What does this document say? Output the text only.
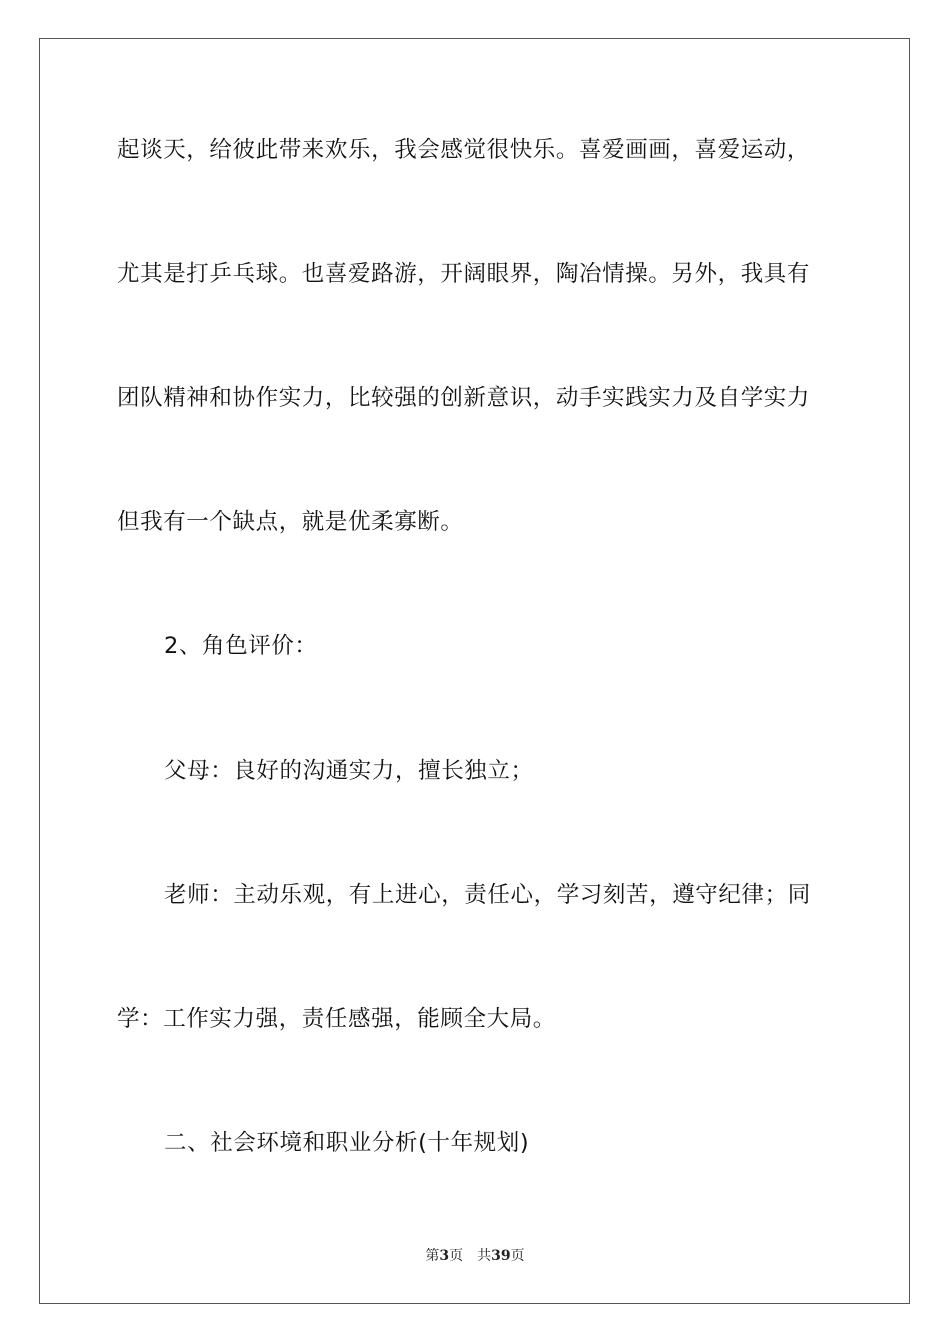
起谈天，给彼此带来欢乐，我会感觉很快乐。喜爱画画，喜爱运动，
尤其是打乒乓球。也喜爱路游，开阔眼界，陶冶情操。另外，我具有
团队精神和协作实力，比较强的创新意识，动手实践实力及自学实力
但我有一个缺点，就是优柔寡断。
2、角色评价：
父母：良好的沟通实力，擅长独立；
老师：主动乐观，有上进心，责任心，学习刻苦，遵守纪律；同
学：工作实力强，责任感强，能顾全大局。
二、社会环境和职业分析(十年规划)
第3页 共39页
